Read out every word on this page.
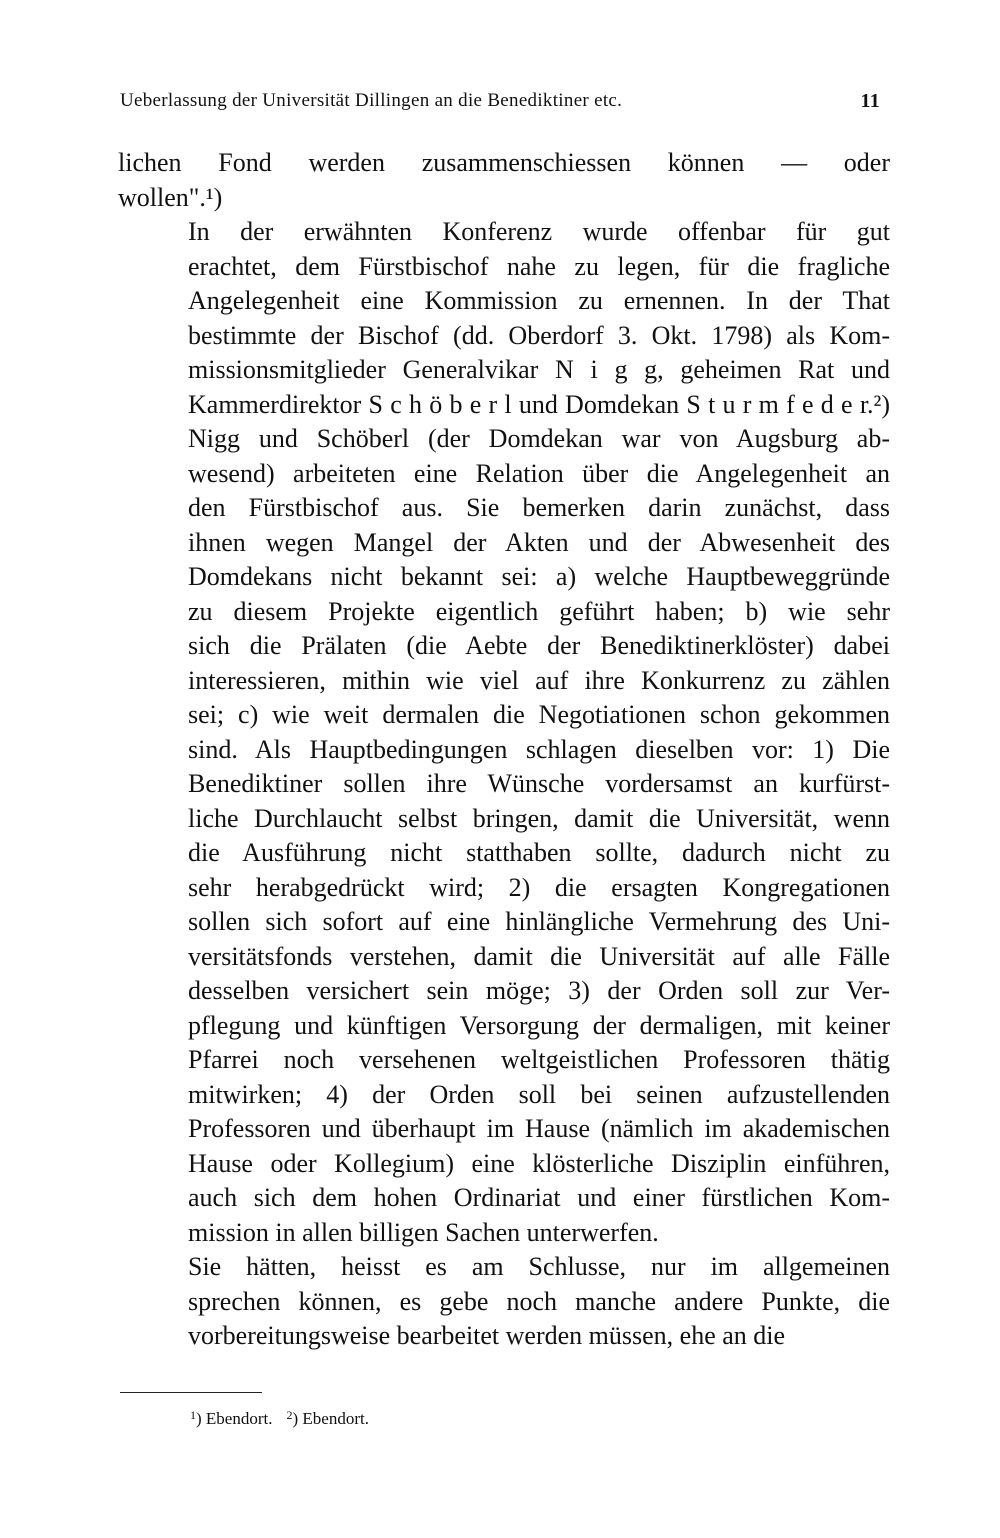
Ueberlassung der Universität Dillingen an die Benediktiner etc.	11
lichen Fond werden zusammenschiessen können — oder
wollen".¹)
In der erwähnten Konferenz wurde offenbar für gut
erachtet, dem Fürstbischof nahe zu legen, für die fragliche
Angelegenheit eine Kommission zu ernennen. In der That
bestimmte der Bischof (dd. Oberdorf 3. Okt. 1798) als Kom-
missionsmitglieder Generalvikar N i g g, geheimen Rat und
Kammerdirektor S c h ö b e r l und Domdekan S t u r m f e d e r.²)
Nigg und Schöberl (der Domdekan war von Augsburg ab-
wesend) arbeiteten eine Relation über die Angelegenheit an
den Fürstbischof aus. Sie bemerken darin zunächst, dass
ihnen wegen Mangel der Akten und der Abwesenheit des
Domdekans nicht bekannt sei: a) welche Hauptbeweggründe
zu diesem Projekte eigentlich geführt haben; b) wie sehr
sich die Prälaten (die Aebte der Benediktinerklöster) dabei
interessieren, mithin wie viel auf ihre Konkurrenz zu zählen
sei; c) wie weit dermalen die Negotiationen schon gekommen
sind. Als Hauptbedingungen schlagen dieselben vor: 1) Die
Benediktiner sollen ihre Wünsche vordersamst an kurfürst-
liche Durchlaucht selbst bringen, damit die Universität, wenn
die Ausführung nicht statthaben sollte, dadurch nicht zu
sehr herabgedrückt wird; 2) die ersagten Kongregationen
sollen sich sofort auf eine hinlängliche Vermehrung des Uni-
versitätsfonds verstehen, damit die Universität auf alle Fälle
desselben versichert sein möge; 3) der Orden soll zur Ver-
pflegung und künftigen Versorgung der dermaligen, mit keiner
Pfarrei noch versehenen weltgeistlichen Professoren thätig
mitwirken; 4) der Orden soll bei seinen aufzustellenden
Professoren und überhaupt im Hause (nämlich im akademischen
Hause oder Kollegium) eine klösterliche Disziplin einführen,
auch sich dem hohen Ordinariat und einer fürstlichen Kom-
mission in allen billigen Sachen unterwerfen.
Sie hätten, heisst es am Schlusse, nur im allgemeinen
sprechen können, es gebe noch manche andere Punkte, die
vorbereitungsweise bearbeitet werden müssen, ehe an die
$^1$) Ebendort. $^2$) Ebendort.
